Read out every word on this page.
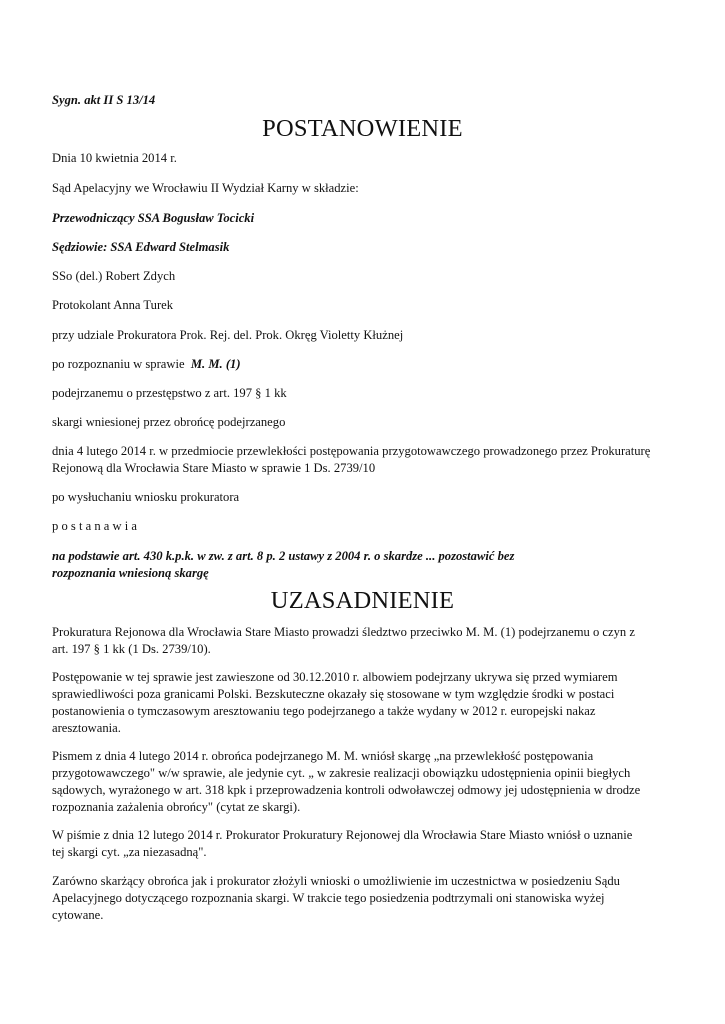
Sygn. akt II S 13/14
POSTANOWIENIE
Dnia 10 kwietnia 2014 r.
Sąd Apelacyjny we Wrocławiu II Wydział Karny w składzie:
Przewodniczący SSA Bogusław Tocicki
Sędziowie: SSA Edward Stelmasik
SSo (del.) Robert Zdych
Protokolant Anna Turek
przy udziale Prokuratora Prok. Rej. del. Prok. Okręg Violetty Kłużnej
po rozpoznaniu w sprawie M. M. (1)
podejrzanemu o przestępstwo z art. 197 § 1 kk
skargi wniesionej przez obrońcę podejrzanego
dnia 4 lutego 2014 r. w przedmiocie przewlekłości postępowania przygotowawczego prowadzonego przez Prokuraturę
Rejonową dla Wrocławia Stare Miasto w sprawie 1 Ds. 2739/10
po wysłuchaniu wniosku prokuratora
p o s t a n a w i a
na podstawie art. 430 k.p.k. w zw. z art. 8 p. 2 ustawy z 2004 r. o skardze ... pozostawić bez
rozpoznania wniesioną skargę
UZASADNIENIE
Prokuratura Rejonowa dla Wrocławia Stare Miasto prowadzi śledztwo przeciwko M. M. (1) podejrzanemu o czyn z
art. 197 § 1 kk (1 Ds. 2739/10).
Postępowanie w tej sprawie jest zawieszone od 30.12.2010 r. albowiem podejrzany ukrywa się przed wymiarem
sprawiedliwości poza granicami Polski. Bezskuteczne okazały się stosowane w tym względzie środki w postaci
postanowienia o tymczasowym aresztowaniu tego podejrzanego a także wydany w 2012 r. europejski nakaz
aresztowania.
Pismem z dnia 4 lutego 2014 r. obrońca podejrzanego M. M. wniósł skargę „na przewlekłość postępowania
przygotowawczego" w/w sprawie, ale jedynie cyt. „ w zakresie realizacji obowiązku udostępnienia opinii biegłych
sądowych, wyrażonego w art. 318 kpk i przeprowadzenia kontroli odwoławczej odmowy jej udostępnienia w drodze
rozpoznania zażalenia obrońcy" (cytat ze skargi).
W piśmie z dnia 12 lutego 2014 r. Prokurator Prokuratury Rejonowej dla Wrocławia Stare Miasto wniósł o uznanie
tej skargi cyt. „za niezasadną".
Zarówno skarżący obrońca jak i prokurator złożyli wnioski o umożliwienie im uczestnictwa w posiedzeniu Sądu
Apelacyjnego dotyczącego rozpoznania skargi. W trakcie tego posiedzenia podtrzymali oni stanowiska wyżej
cytowane.
